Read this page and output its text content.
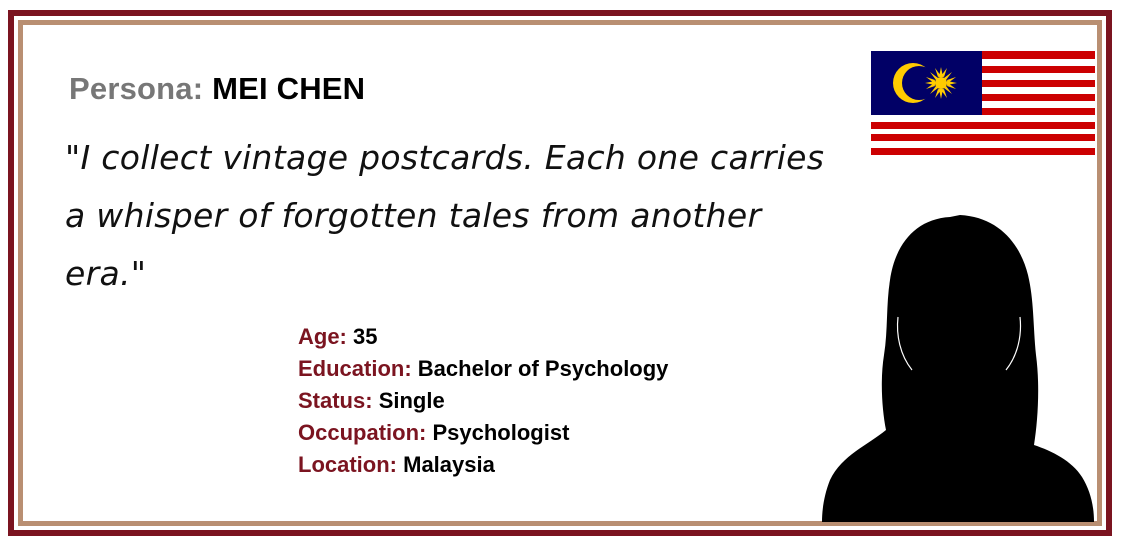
Persona: MEI CHEN
"I collect vintage postcards. Each one carries a whisper of forgotten tales from another era."
Age: 35
Education: Bachelor of Psychology
Status: Single
Occupation: Psychologist
Location: Malaysia
